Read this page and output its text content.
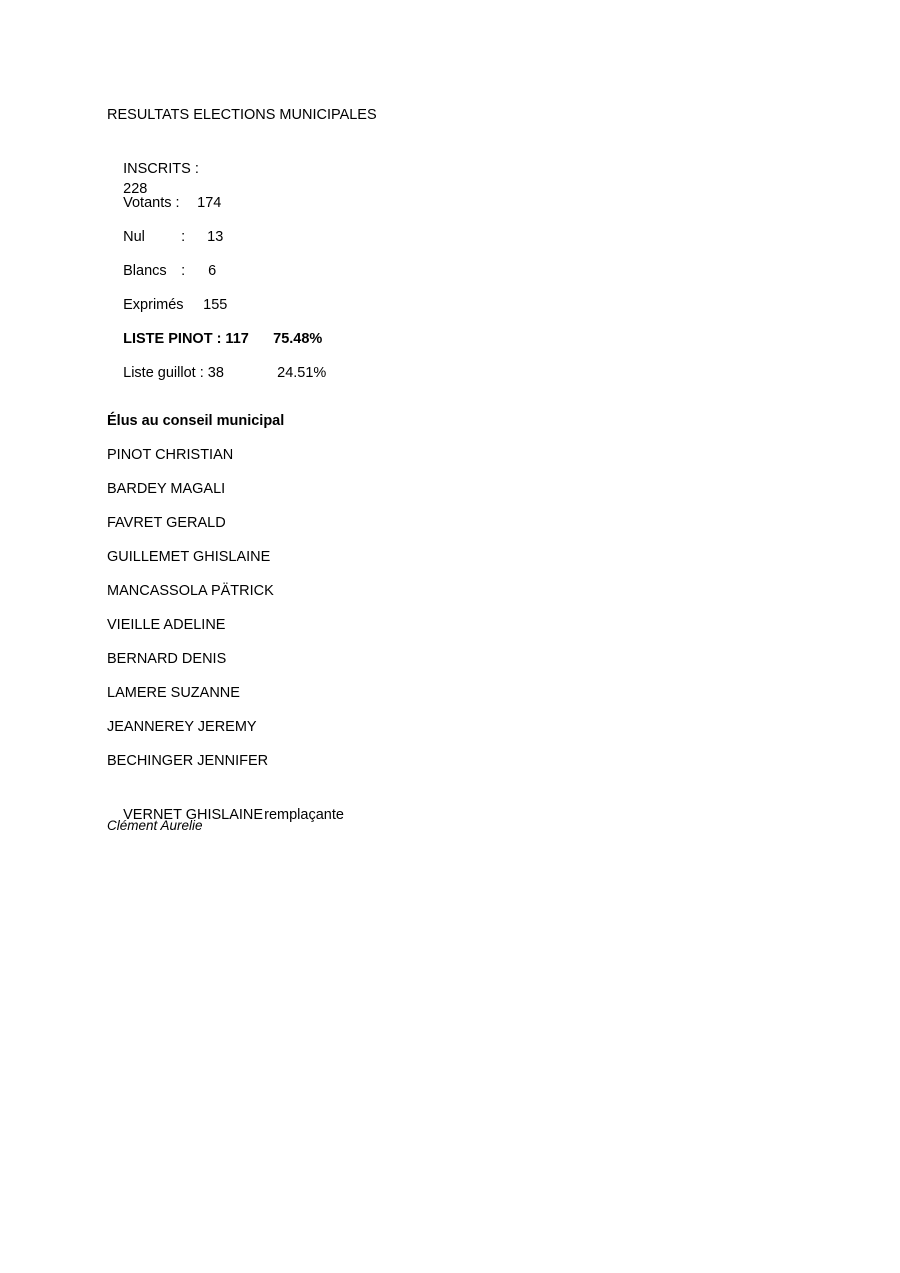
RESULTATS ELECTIONS MUNICIPALES

INSCRITS :
228

Votants : 174

Nul : 13

Blancs : 6

Exprimés 155

LISTE PINOT : 117 75.48%

Liste guillot : 38	24.51%

Élus au conseil municipal
PINOT CHRISTIAN
BARDEY MAGALI
FAVRET GERALD
GUILLEMET GHISLAINE
MANCASSOLA PÄTRICK
VIEILLE ADELINE
BERNARD DENIS
LAMERE SUZANNE
JEANNEREY JEREMY
BECHINGER JENNIFER

VERNET GHISLAINEremplaçante

Clément Aurelie
